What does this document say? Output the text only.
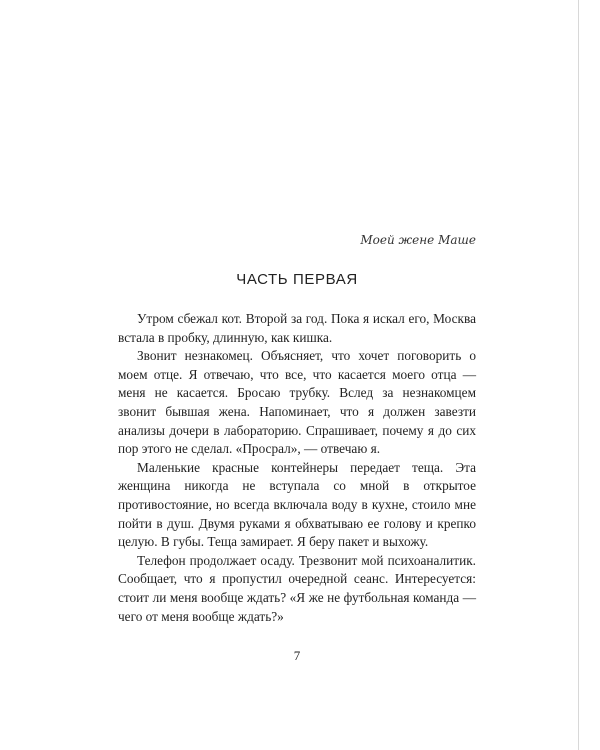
Моей жене Маше
ЧАСТЬ ПЕРВАЯ

Утром сбежал кот. Второй за год. Пока я искал его, Москва встала в пробку, длинную, как кишка.

Звонит незнакомец. Объясняет, что хочет поговорить о моем отце. Я отвечаю, что все, что касается моего отца — меня не касается. Бросаю трубку. Вслед за незнакомцем звонит бывшая жена. Напоминает, что я должен завезти анализы дочери в лабораторию. Спрашивает, почему я до сих пор этого не сделал. «Просрал», — отвечаю я.

Маленькие красные контейнеры передает теща. Эта женщина никогда не вступала со мной в открытое противостояние, но всегда включала воду в кухне, стоило мне пойти в душ. Двумя руками я обхватываю ее голову и крепко целую. В губы. Теща замирает. Я беру пакет и выхожу.

Телефон продолжает осаду. Трезвонит мой психоаналитик. Сообщает, что я пропустил очередной сеанс. Интересуется: стоит ли меня вообще ждать? «Я же не футбольная команда — чего от меня вообще ждать?»

7
